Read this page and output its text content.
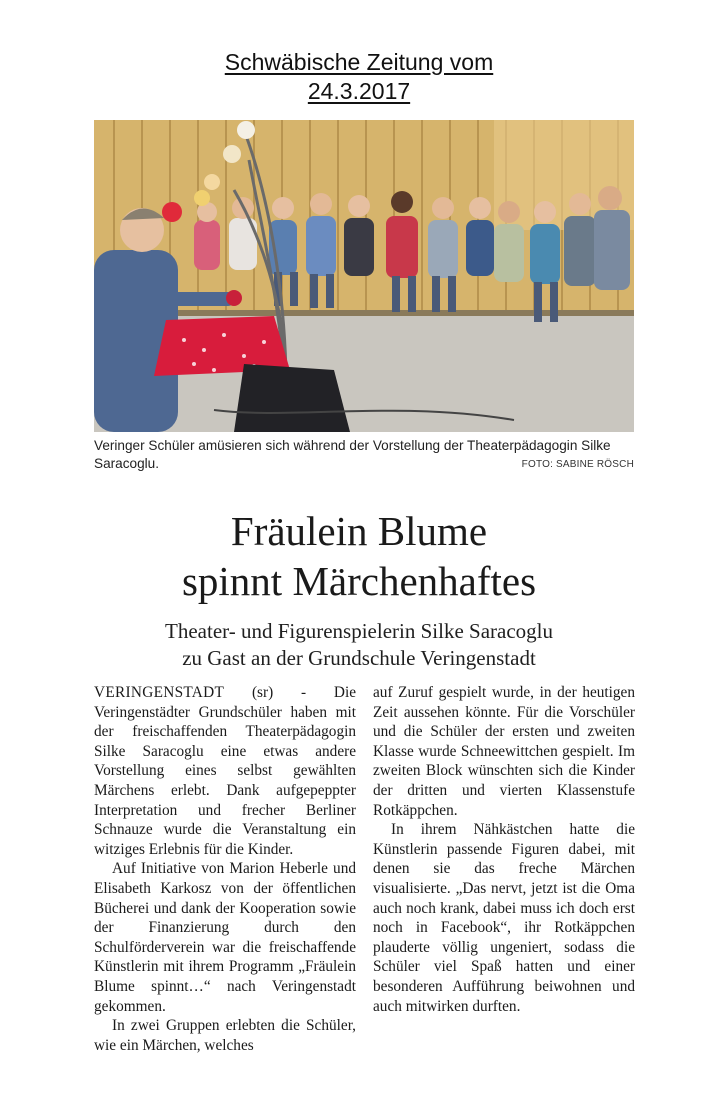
Schwäbische Zeitung vom
24.3.2017
Veringer Schüler amüsieren sich während der Vorstellung der Theaterpädagogin Silke Saracoglu.	FOTO: SABINE RÖSCH
Fräulein Blume
spinnt Märchenhaftes
Theater- und Figurenspielerin Silke Saracoglu
zu Gast an der Grundschule Veringenstadt

VERINGENSTADT (sr) - Die Veringenstädter Grundschüler haben mit der freischaffenden Theaterpädagogin Silke Saracoglu eine etwas andere Vorstellung eines selbst gewählten Märchens erlebt. Dank aufgepeppter Interpretation und frecher Berliner Schnauze wurde die Veranstaltung ein witziges Erlebnis für die Kinder.

Auf Initiative von Marion Heberle und Elisabeth Karkosz von der öffentlichen Bücherei und dank der Kooperation sowie der Finanzierung durch den Schulförderverein war die freischaffende Künstlerin mit ihrem Programm „Fräulein Blume spinnt…“ nach Veringenstadt gekommen.

In zwei Gruppen erlebten die Schüler, wie ein Märchen, welches

auf Zuruf gespielt wurde, in der heutigen Zeit aussehen könnte. Für die Vorschüler und die Schüler der ersten und zweiten Klasse wurde Schneewittchen gespielt. Im zweiten Block wünschten sich die Kinder der dritten und vierten Klassenstufe Rotkäppchen.

In ihrem Nähkästchen hatte die Künstlerin passende Figuren dabei, mit denen sie das freche Märchen visualisierte. „Das nervt, jetzt ist die Oma auch noch krank, dabei muss ich doch erst noch in Facebook“, ihr Rotkäppchen plauderte völlig ungeniert, sodass die Schüler viel Spaß hatten und einer besonderen Aufführung beiwohnen und auch mitwirken durften.
